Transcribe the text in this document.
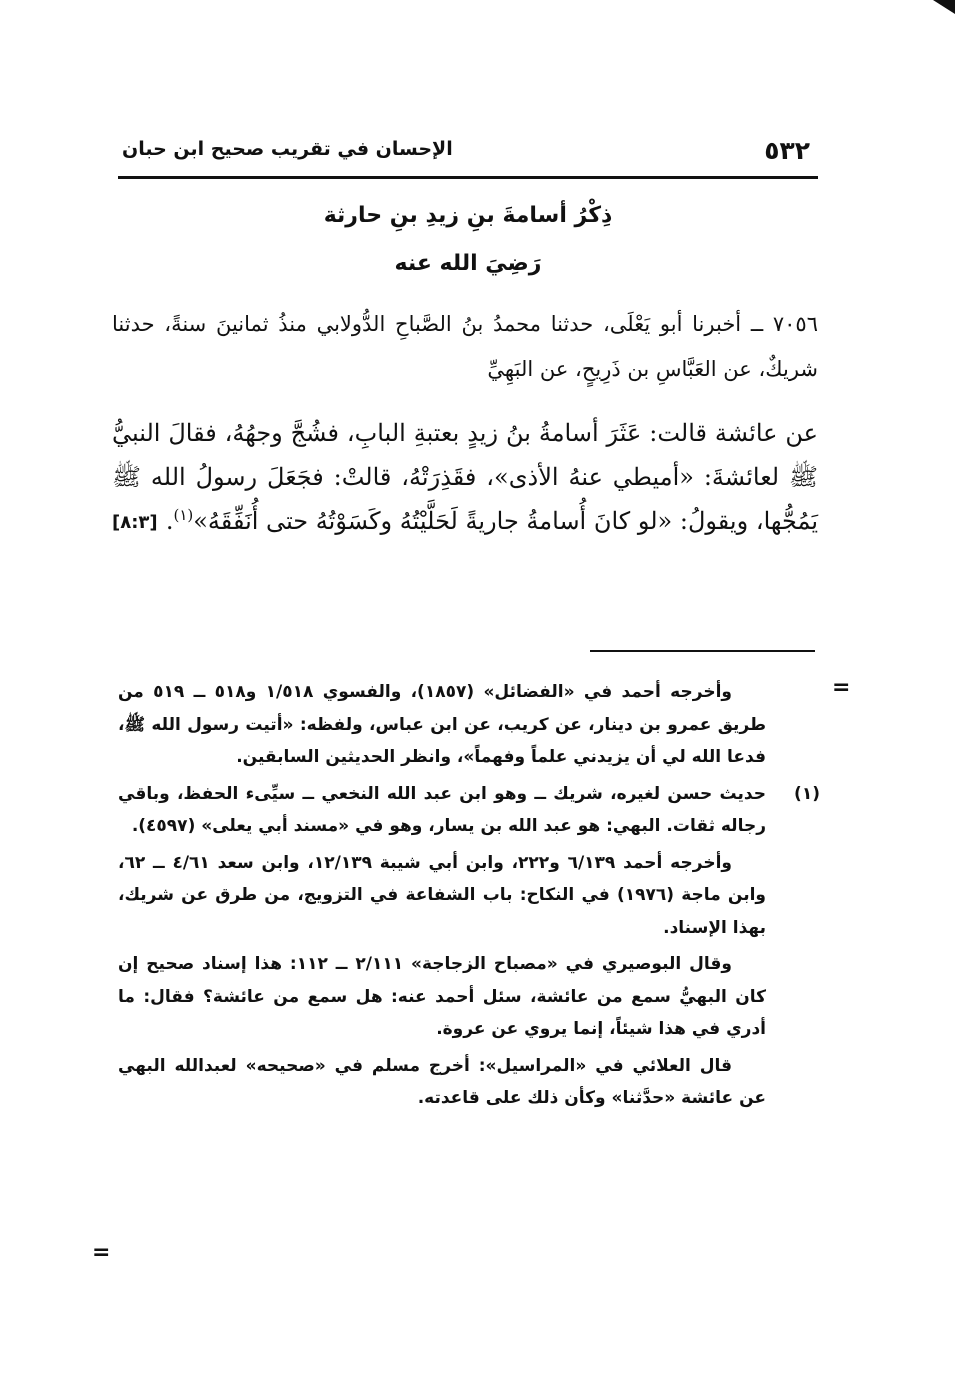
٥٣٢
الإحسان في تقريب صحيح ابن حبان
ذِكْرُ أسامةَ بنِ زيدِ بنِ حارثة
رَضِيَ الله عنه

٧٠٥٦ ــ أخبرنا أبو يَعْلَى، حدثنا محمدُ بنُ الصَّباحِ الدُّولابي منذُ ثمانينَ سنةً، حدثنا شريكٌ، عن العَبَّاسِ بن ذَرِيحٍ، عن البَهِيِّ

عن عائشة قالت: عَثَرَ أسامةُ بنُ زيدٍ بعتبةِ البابِ، فشُجَّ وجهُهُ، فقالَ النبيُّ ﷺ لعائشةَ: «أميطي عنهُ الأذى»، فقَذِرَتْهُ، قالتْ: فجَعَلَ رسولُ الله ﷺ يَمُجُّها، ويقولُ: «لو كانَ أُسامةُ جاريةً لَحَلَّيْتُهُ وكَسَوْتُهُ حتى أُنَفِّقَهُ»$^{(١)}$.
[٨:٣]

=

وأخرجه أحمد في «الفضائل» (١٨٥٧)، والفسوي ١/٥١٨ و٥١٨ ــ ٥١٩ من طريق عمرو بن دينار، عن كريب، عن ابن عباس، ولفظه: «أتيت رسول الله ﷺ، فدعا الله لي أن يزيدني علماً وفهماً»، وانظر الحديثين السابقين.

(١)
حديث حسن لغيره، شريك ــ وهو ابن عبد الله النخعي ــ سيِّىء الحفظ، وباقي رجاله ثقات. البهي: هو عبد الله بن يسار، وهو في «مسند أبي يعلى» (٤٥٩٧).

وأخرجه أحمد ٦/١٣٩ و٢٢٢، وابن أبي شيبة ١٢/١٣٩، وابن سعد ٤/٦١ ــ ٦٢، وابن ماجة (١٩٧٦) في النكاح: باب الشفاعة في التزويج، من طرق عن شريك، بهذا الإسناد.

وقال البوصيري في «مصباح الزجاجة» ٢/١١١ ــ ١١٢: هذا إسناد صحيح إن كان البهيُّ سمع من عائشة، سئل أحمد عنه: هل سمع من عائشة؟ فقال: ما أدري في هذا شيئاً، إنما يروي عن عروة.

قال العلائي في «المراسيل»: أخرج مسلم في «صحيحه» لعبدالله البهي عن عائشة «حدَّثنا» وكأن ذلك على قاعدته.

=
